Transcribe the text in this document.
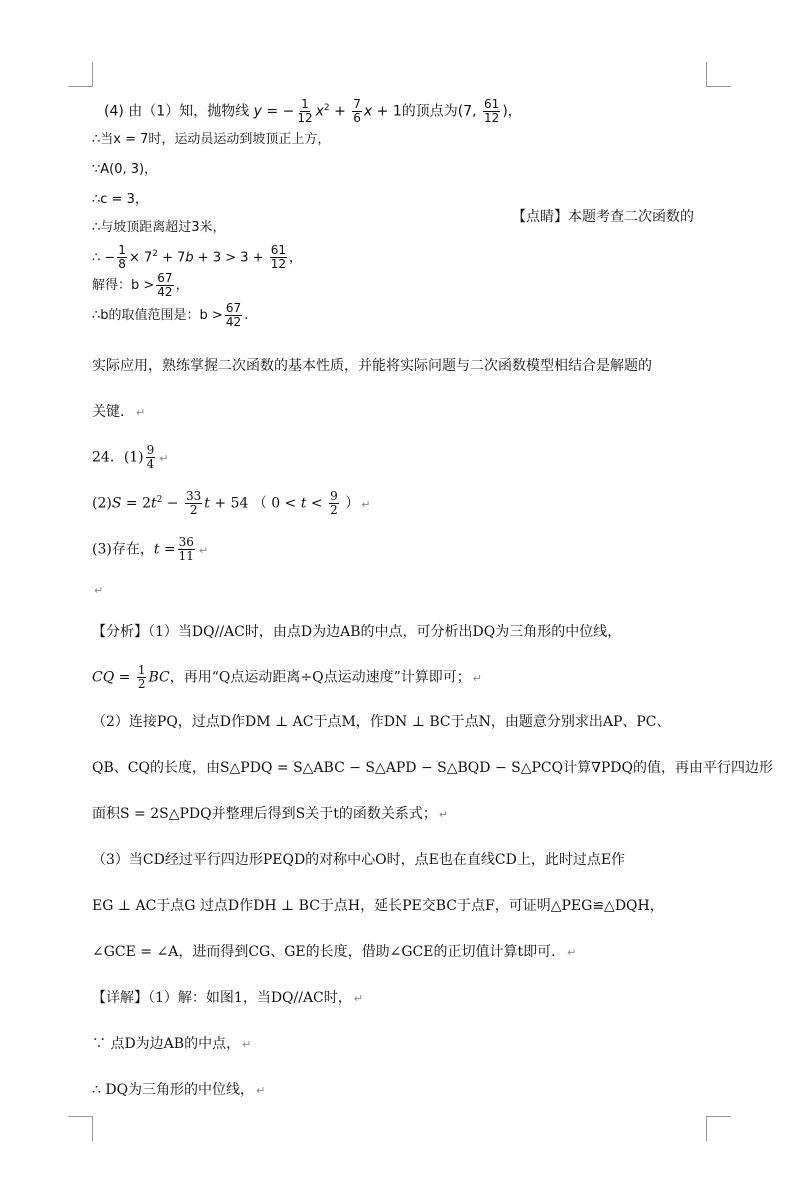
(4) 由（1）知，抛物线 y = − $\frac{1}{12} x^2 + \frac{7}{6}$ x + 1的顶点为(7, $\frac{61}{12}$ )，
∴当x = 7时，运动员运动到坡顶正上方，
∵A(0, 3)，
∴c = 3，
∴与坡顶距离超过3米，
∴ − $\frac{1}{8} \times 7^2 + 7b + 3 > 3 + \frac{61}{12}$ ，
解得：$b > \frac{67}{42}$ ，
∴b的取值范围是：$b > \frac{67}{42}$ .
【点睛】本题考查二次函数的
实际应用，熟练掌握二次函数的基本性质，并能将实际问题与二次函数模型相结合是解题的
关键． ↵
24．$(1) \frac{9}{4}$ ↵
$(2)S = 2t^2 - \frac{33}{2}$ t + 54 （ $0 < t < \frac{9}{2}$ ） ↵
(3)存在，$t = \frac{36}{11}$ ↵
↵
【分析】（1）当DQ//AC时，由点D为边AB的中点，可分析出DQ为三角形的中位线，
CQ = $\frac{1}{2}$ BC，再用“Q点运动距离÷Q点运动速度”计算即可； ↵
（2）连接PQ，过点D作DM ⊥ AC于点M，作DN ⊥ BC于点N，由题意分别求出AP、PC、
QB、CQ的长度，由S△PDQ = S△ABC − S△APD − S△BQD − S△PCQ计算∇PDQ的值，再由平行四边形
面积S = 2S△PDQ并整理后得到S关于t的函数关系式； ↵
（3）当CD经过平行四边形PEQD的对称中心O时，点E也在直线CD上，此时过点E作
EG ⊥ AC于点G 过点D作DH ⊥ BC于点H，延长PE交BC于点F，可证明△PEG≌△DQH，
∠GCE = ∠A，进而得到CG、GE的长度，借助∠GCE的正切值计算t即可． ↵
【详解】（1）解：如图1，当DQ//AC时， ↵
∵ 点D为边AB的中点， ↵
∴ DQ为三角形的中位线， ↵
